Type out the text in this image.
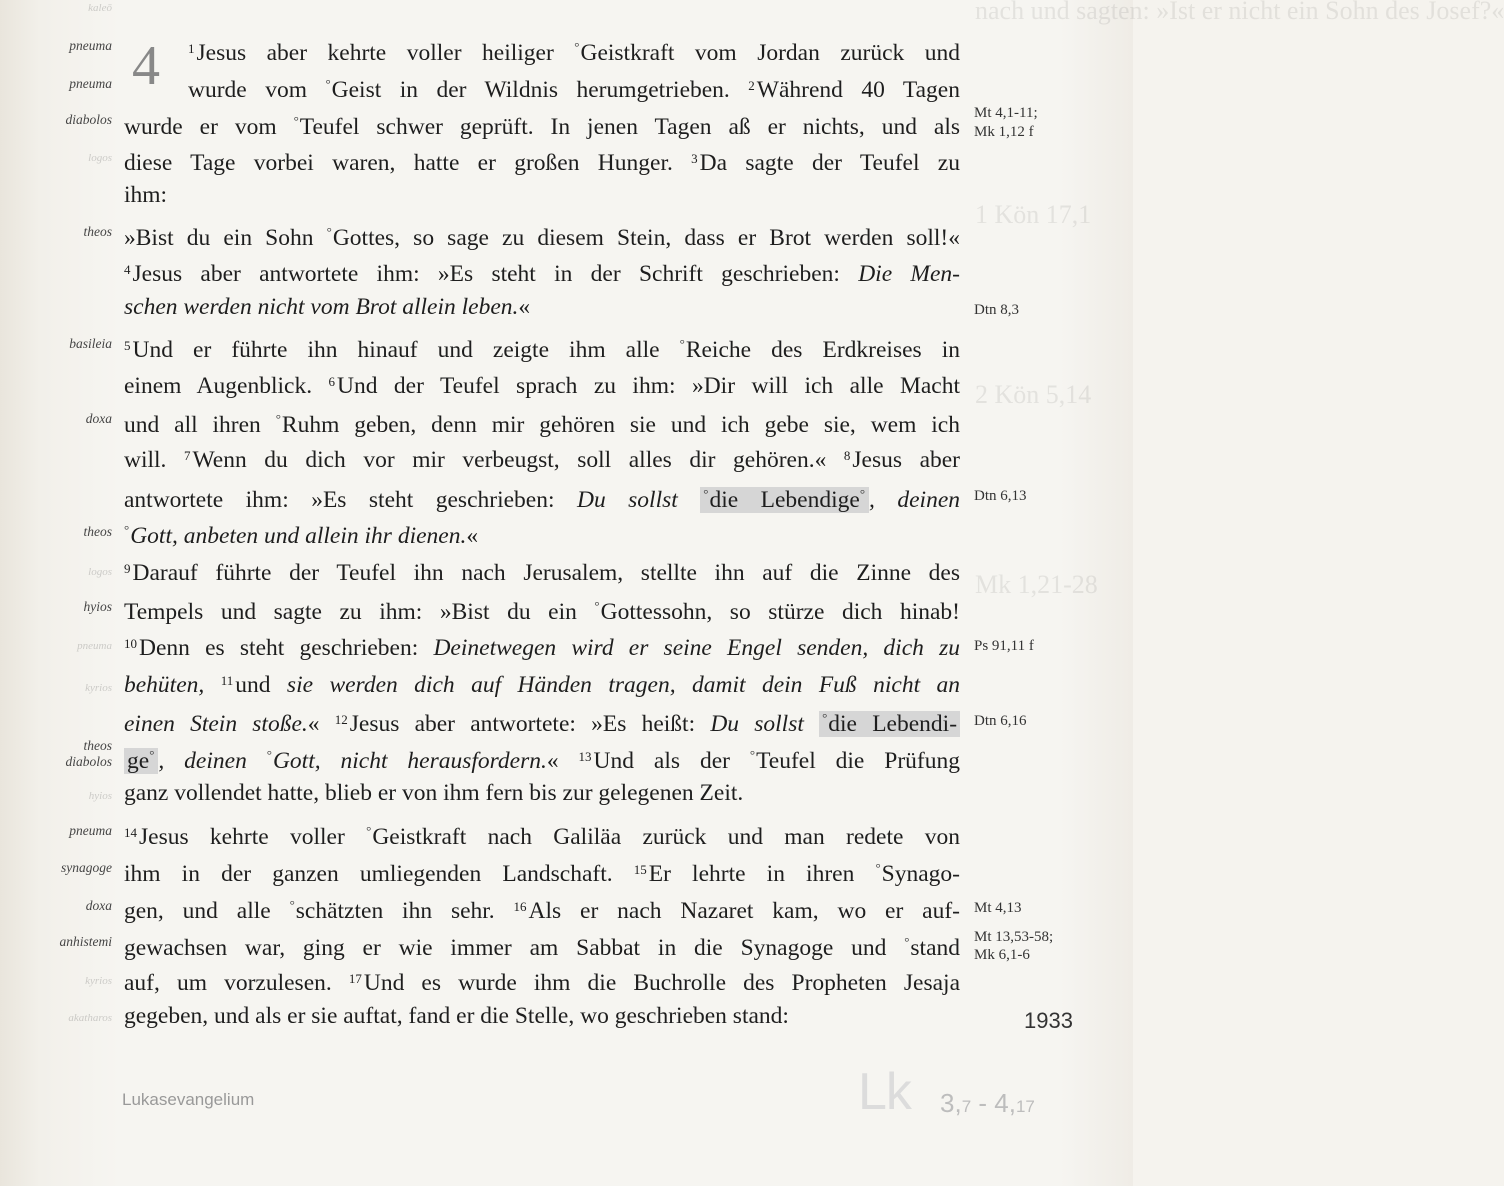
nach und sagten: »Ist er nicht ein Sohn des Josef?«
1 Kön 17,1
2 Kön 5,14
Mk 1,21-28
kaleō
logos
logos
pneuma
kyrios
hyios
kyrios
akatharos
pneuma
pneuma
diabolos
theos
basileia
doxa
theos
hyios
theos
diabolos
pneuma
synagoge
doxa
anhistemi
4 $^1$Jesus aber kehrte voller heiliger °Geistkraft vom Jordan zurück und
wurde vom °Geist in der Wildnis herumgetrieben. $^2$Während 40 Tagen
wurde er vom °Teufel schwer geprüft. In jenen Tagen aß er nichts, und als
diese Tage vorbei waren, hatte er großen Hunger. $^3$Da sagte der Teufel zu
ihm:
»Bist du ein Sohn °Gottes, so sage zu diesem Stein, dass er Brot werden soll!«
$^4$Jesus aber antwortete ihm: »Es steht in der Schrift geschrieben: Die Men-
schen werden nicht vom Brot allein leben.«
$^5$Und er führte ihn hinauf und zeigte ihm alle °Reiche des Erdkreises in
einem Augenblick. $^6$Und der Teufel sprach zu ihm: »Dir will ich alle Macht
und all ihren °Ruhm geben, denn mir gehören sie und ich gebe sie, wem ich
will. $^7$Wenn du dich vor mir verbeugst, soll alles dir gehören.« $^8$Jesus aber
antwortete ihm: »Es steht geschrieben: Du sollst °die Lebendige° , deinen
°Gott, anbeten und allein ihr dienen.«
$^9$Darauf führte der Teufel ihn nach Jerusalem, stellte ihn auf die Zinne des
Tempels und sagte zu ihm: »Bist du ein °Gottessohn, so stürze dich hinab!
$^{10}$Denn es steht geschrieben: Deinetwegen wird er seine Engel senden, dich zu
behüten, $^{11}$und sie werden dich auf Händen tragen, damit dein Fuß nicht an
einen Stein stoße.« $^{12}$Jesus aber antwortete: »Es heißt: Du sollst °die Lebendi-
ge° , deinen °Gott, nicht herausfordern.« $^{13}$Und als der °Teufel die Prüfung
ganz vollendet hatte, blieb er von ihm fern bis zur gelegenen Zeit.
$^{14}$Jesus kehrte voller °Geistkraft nach Galiläa zurück und man redete von
ihm in der ganzen umliegenden Landschaft. $^{15}$Er lehrte in ihren °Synago-
gen, und alle °schätzten ihn sehr. $^{16}$Als er nach Nazaret kam, wo er auf-
gewachsen war, ging er wie immer am Sabbat in die Synagoge und °stand
auf, um vorzulesen. $^{17}$Und es wurde ihm die Buchrolle des Propheten Jesaja
gegeben, und als er sie auftat, fand er die Stelle, wo geschrieben stand:
Mt 4,1-11;
Mk 1,12 f
Dtn 8,3
Dtn 6,13
Ps 91,11 f
Dtn 6,16
Mt 4,13
Mt 13,53-58;
Mk 6,1-6
1933
Lukasevangelium	Lk 3,7 - 4,17
